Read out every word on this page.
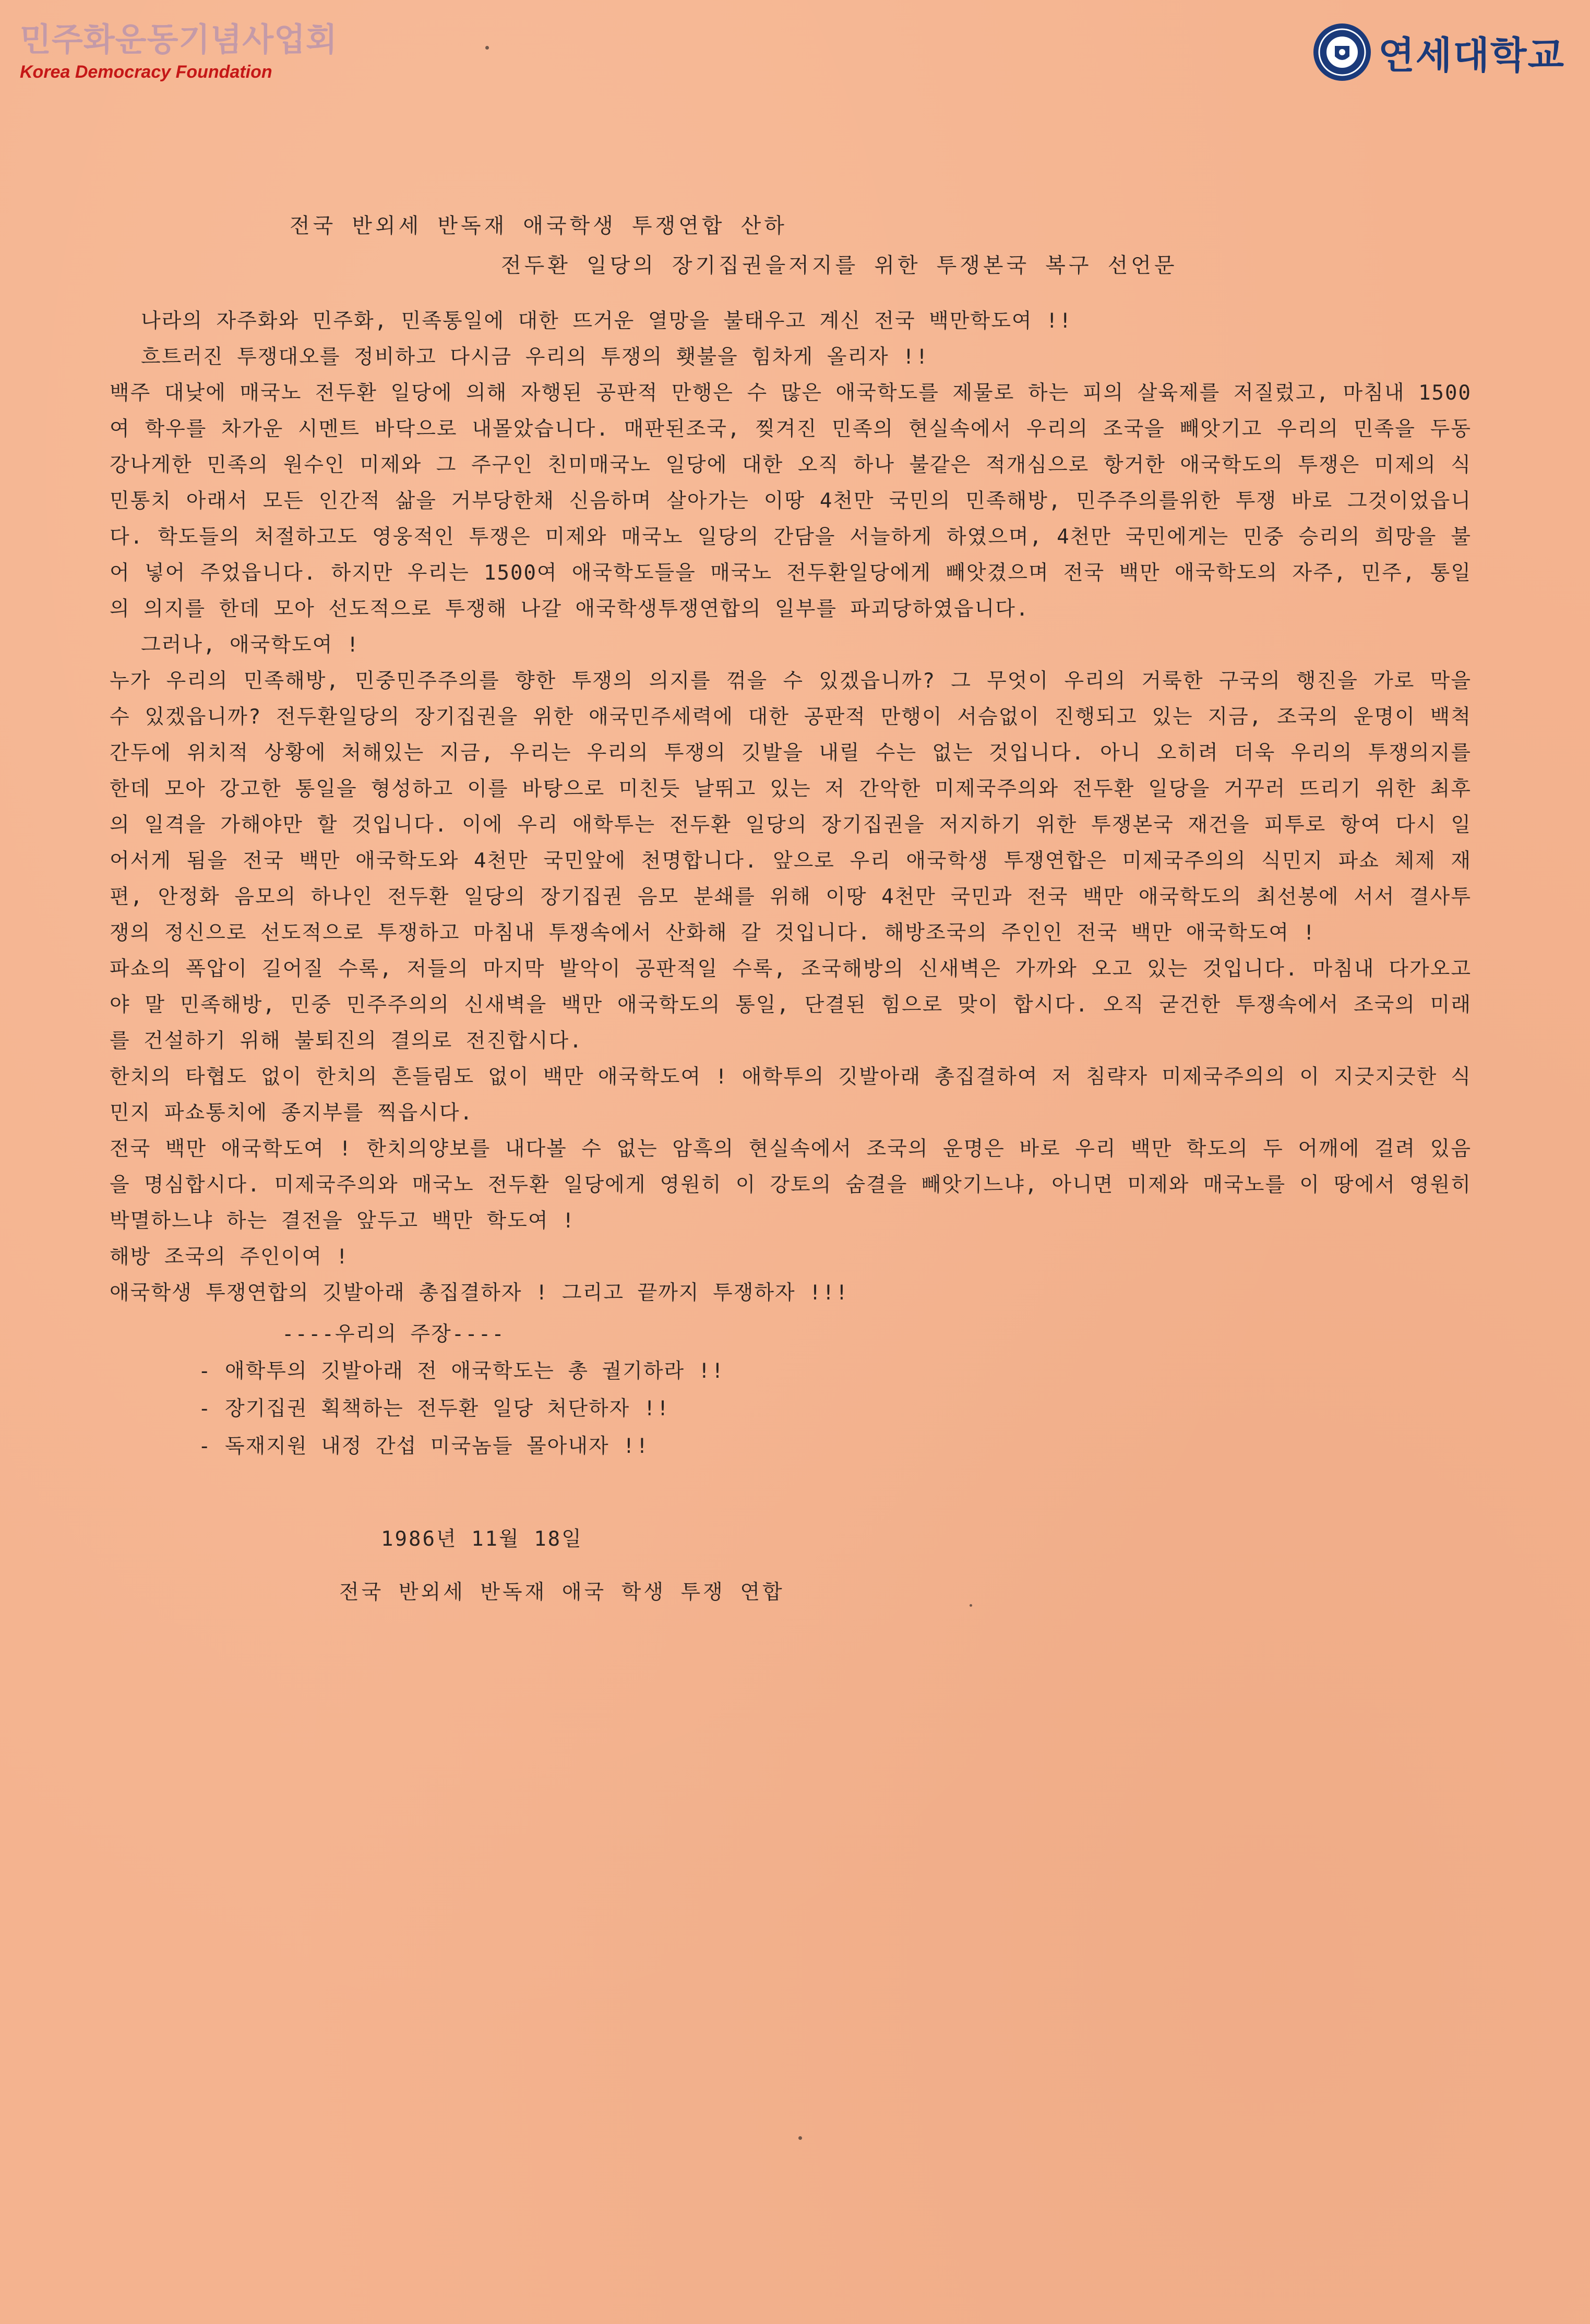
민주화운동기념사업회
Korea Democracy Foundation	연세대학교
전국 반외세 반독재 애국학생 투쟁연합 산하
전두환 일당의 장기집권을저지를 위한 투쟁본국 복구 선언문

나라의 자주화와 민주화, 민족통일에 대한 뜨거운 열망을 불태우고 계신 전국 백만학도여 !!

흐트러진 투쟁대오를 정비하고 다시금 우리의 투쟁의 횃불을 힘차게 올리자 !!

백주 대낮에 매국노 전두환 일당에 의해 자행된 공판적 만행은 수 많은 애국학도를 제물로 하는 피의 살육제를 저질렀고, 마침내 1500여 학우를 차가운 시멘트 바닥으로 내몰았습니다. 매판된조국, 찢겨진 민족의 현실속에서 우리의 조국을 빼앗기고 우리의 민족을 두동강나게한 민족의 원수인 미제와 그 주구인 친미매국노 일당에 대한 오직 하나 불같은 적개심으로 항거한 애국학도의 투쟁은 미제의 식민통치 아래서 모든 인간적 삶을 거부당한채 신음하며 살아가는 이땅 4천만 국민의 민족해방, 민주주의를위한 투쟁 바로 그것이었읍니다. 학도들의 처절하고도 영웅적인 투쟁은 미제와 매국노 일당의 간담을 서늘하게 하였으며, 4천만 국민에게는 민중 승리의 희망을 불어 넣어 주었읍니다. 하지만 우리는 1500여 애국학도들을 매국노 전두환일당에게 빼앗겼으며 전국 백만 애국학도의 자주, 민주, 통일의 의지를 한데 모아 선도적으로 투쟁해 나갈 애국학생투쟁연합의 일부를 파괴당하였읍니다.

그러나, 애국학도여 !

누가 우리의 민족해방, 민중민주주의를 향한 투쟁의 의지를 꺾을 수 있겠읍니까? 그 무엇이 우리의 거룩한 구국의 행진을 가로 막을 수 있겠읍니까? 전두환일당의 장기집권을 위한 애국민주세력에 대한 공판적 만행이 서슴없이 진행되고 있는 지금, 조국의 운명이 백척간두에 위치적 상황에 처해있는 지금, 우리는 우리의 투쟁의 깃발을 내릴 수는 없는 것입니다. 아니 오히려 더욱 우리의 투쟁의지를 한데 모아 강고한 통일을 형성하고 이를 바탕으로 미친듯 날뛰고 있는 저 간악한 미제국주의와 전두환 일당을 거꾸러 뜨리기 위한 최후의 일격을 가해야만 할 것입니다. 이에 우리 애학투는 전두환 일당의 장기집권을 저지하기 위한 투쟁본국 재건을 피투로 항여 다시 일어서게 됨을 전국 백만 애국학도와 4천만 국민앞에 천명합니다. 앞으로 우리 애국학생 투쟁연합은 미제국주의의 식민지 파쇼 체제 재편, 안정화 음모의 하나인 전두환 일당의 장기집권 음모 분쇄를 위해 이땅 4천만 국민과 전국 백만 애국학도의 최선봉에 서서 결사투쟁의 정신으로 선도적으로 투쟁하고 마침내 투쟁속에서 산화해 갈 것입니다. 해방조국의 주인인 전국 백만 애국학도여 !

파쇼의 폭압이 길어질 수록, 저들의 마지막 발악이 공판적일 수록, 조국해방의 신새벽은 가까와 오고 있는 것입니다. 마침내 다가오고야 말 민족해방, 민중 민주주의의 신새벽을 백만 애국학도의 통일, 단결된 힘으로 맞이 합시다. 오직 굳건한 투쟁속에서 조국의 미래를 건설하기 위해 불퇴진의 결의로 전진합시다.

한치의 타협도 없이 한치의 흔들림도 없이 백만 애국학도여 ! 애학투의 깃발아래 총집결하여 저 침략자 미제국주의의 이 지긋지긋한 식민지 파쇼통치에 종지부를 찍읍시다.

전국 백만 애국학도여 ! 한치의양보를 내다볼 수 없는 암흑의 현실속에서 조국의 운명은 바로 우리 백만 학도의 두 어깨에 걸려 있음을 명심합시다. 미제국주의와 매국노 전두환 일당에게 영원히 이 강토의 숨결을 빼앗기느냐, 아니면 미제와 매국노를 이 땅에서 영원히 박멸하느냐 하는 결전을 앞두고 백만 학도여 !

해방 조국의 주인이여 !

애국학생 투쟁연합의 깃발아래 총집결하자 ! 그리고 끝까지 투쟁하자 !!!

----우리의 주장----
- 애학투의 깃발아래 전 애국학도는 총 궐기하라 !!
- 장기집권 획책하는 전두환 일당 처단하자 !!
- 독재지원 내정 간섭 미국놈들 몰아내자 !!
1986년 11월 18일
전국 반외세 반독재 애국 학생 투쟁 연합
